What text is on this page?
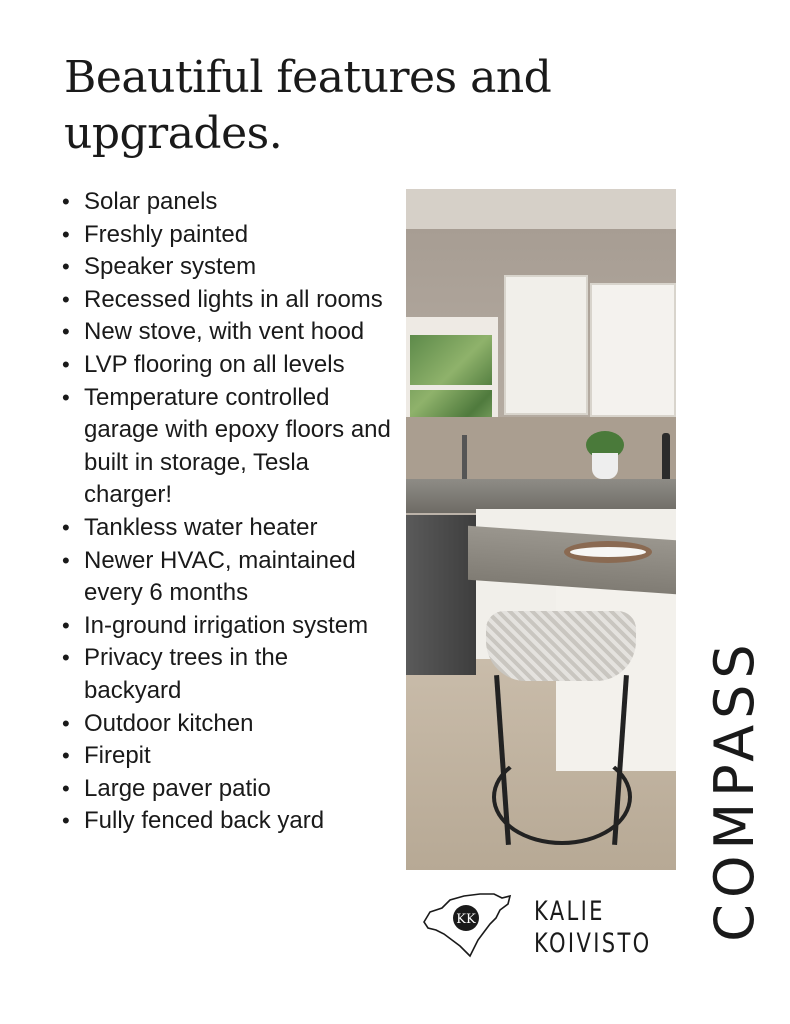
Beautiful features and
upgrades.
• Solar panels
• Freshly painted
• Speaker system
• Recessed lights in all rooms
• New stove, with vent hood
• LVP flooring on all levels
• Temperature controlled garage with epoxy floors and built in storage, Tesla charger!
• Tankless water heater
• Newer HVAC, maintained every 6 months
• In-ground irrigation system
• Privacy trees in the backyard
• Outdoor kitchen
• Firepit
• Large paver patio
• Fully fenced back yard
KK KALIE
KOIVISTO
COMPASS
